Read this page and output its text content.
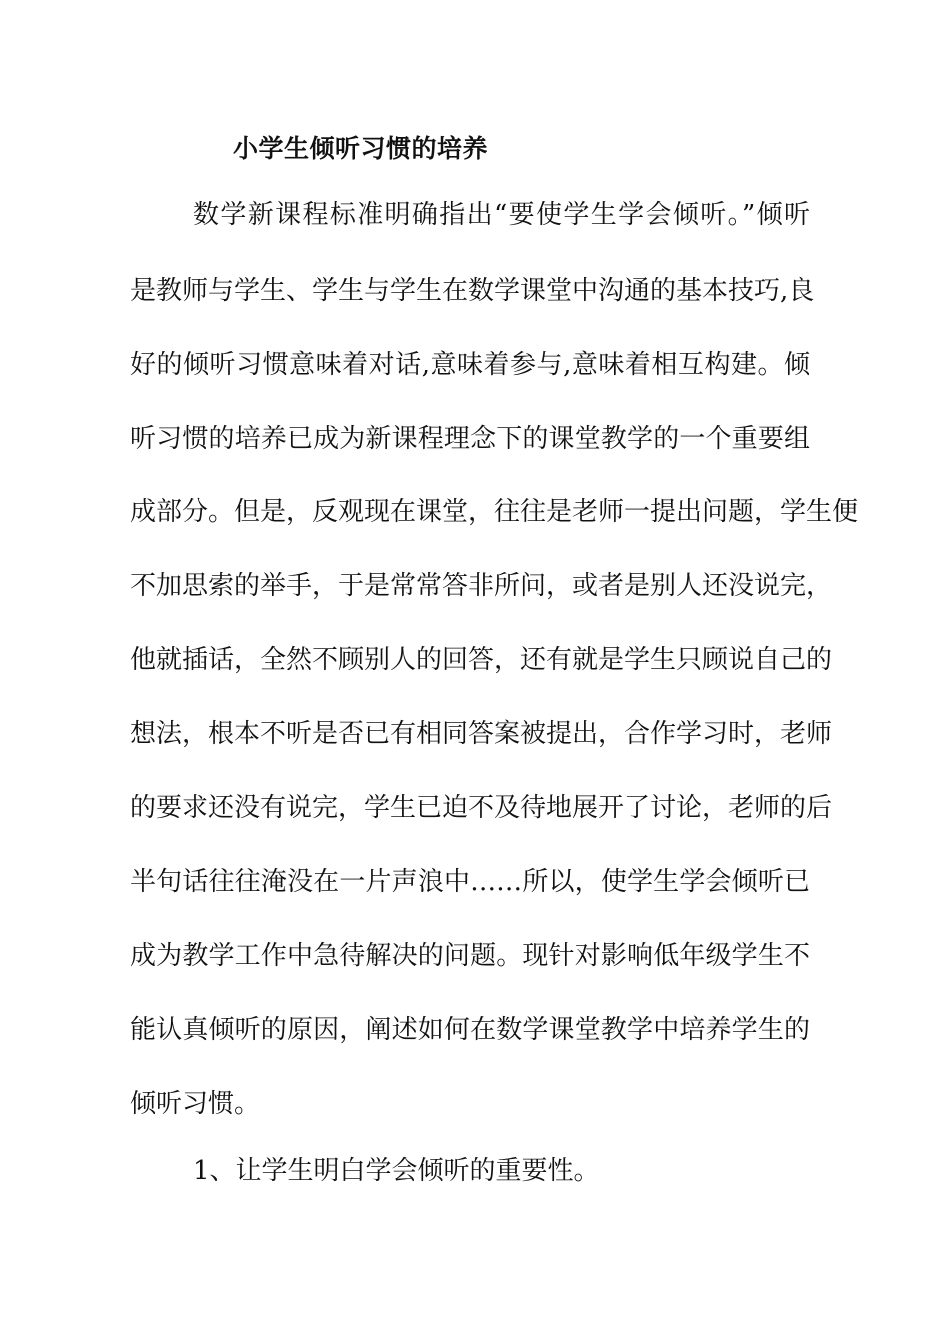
小学生倾听习惯的培养
数学新课程标准明确指出“要使学生学会倾听。”倾听
是教师与学生、学生与学生在数学课堂中沟通的基本技巧,良
好的倾听习惯意味着对话,意味着参与,意味着相互构建。倾
听习惯的培养已成为新课程理念下的课堂教学的一个重要组
成部分。但是，反观现在课堂，往往是老师一提出问题，学生便
不加思索的举手，于是常常答非所问，或者是别人还没说完，
他就插话，全然不顾别人的回答，还有就是学生只顾说自己的
想法，根本不听是否已有相同答案被提出，合作学习时，老师
的要求还没有说完，学生已迫不及待地展开了讨论，老师的后
半句话往往淹没在一片声浪中……所以，使学生学会倾听已
成为教学工作中急待解决的问题。现针对影响低年级学生不
能认真倾听的原因，阐述如何在数学课堂教学中培养学生的
倾听习惯。
1、让学生明白学会倾听的重要性。
